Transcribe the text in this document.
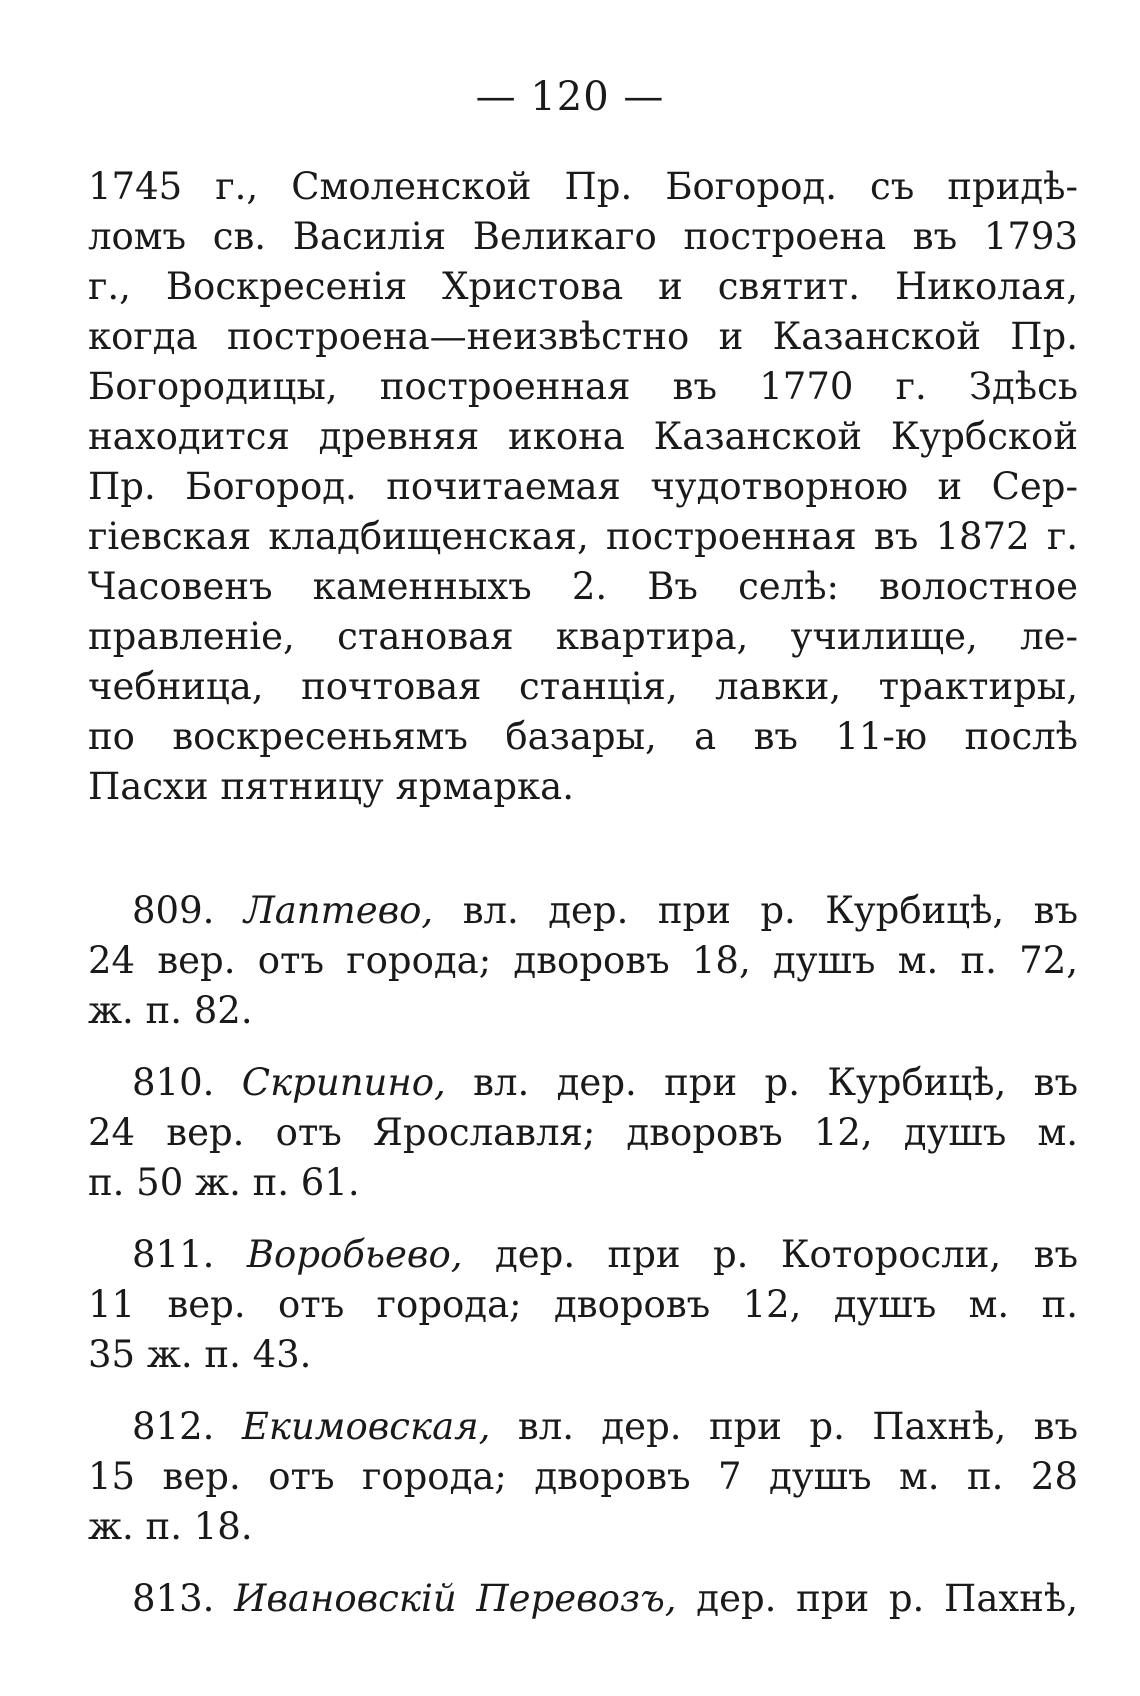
— 120 —
1745 г., Смоленской Пр. Богород. съ придѣ-
ломъ св. Василія Великаго построена въ 1793
г., Воскресенія Христова и святит. Николая,
когда построена—неизвѣстно и Казанской Пр.
Богородицы, построенная въ 1770 г. Здѣсь
находится древняя икона Казанской Курбской
Пр. Богород. почитаемая чудотворною и Сер-
гіевская кладбищенская, построенная въ 1872 г.
Часовенъ каменныхъ 2. Въ селѣ: волостное
правленіе, становая квартира, училище, ле-
чебница, почтовая станція, лавки, трактиры,
по воскресеньямъ базары, а въ 11-ю послѣ
Пасхи пятницу ярмарка.
809. Лаптево, вл. дер. при р. Курбицѣ, въ
24 вер. отъ города; дворовъ 18, душъ м. п. 72,
ж. п. 82.
810. Скрипино, вл. дер. при р. Курбицѣ, въ
24 вер. отъ Ярославля; дворовъ 12, душъ м.
п. 50 ж. п. 61.
811. Воробьево, дер. при р. Которосли, въ
11 вер. отъ города; дворовъ 12, душъ м. п.
35 ж. п. 43.
812. Екимовская, вл. дер. при р. Пахнѣ, въ
15 вер. отъ города; дворовъ 7 душъ м. п. 28
ж. п. 18.
813. Ивановскій Перевозъ, дер. при р. Пахнѣ,
